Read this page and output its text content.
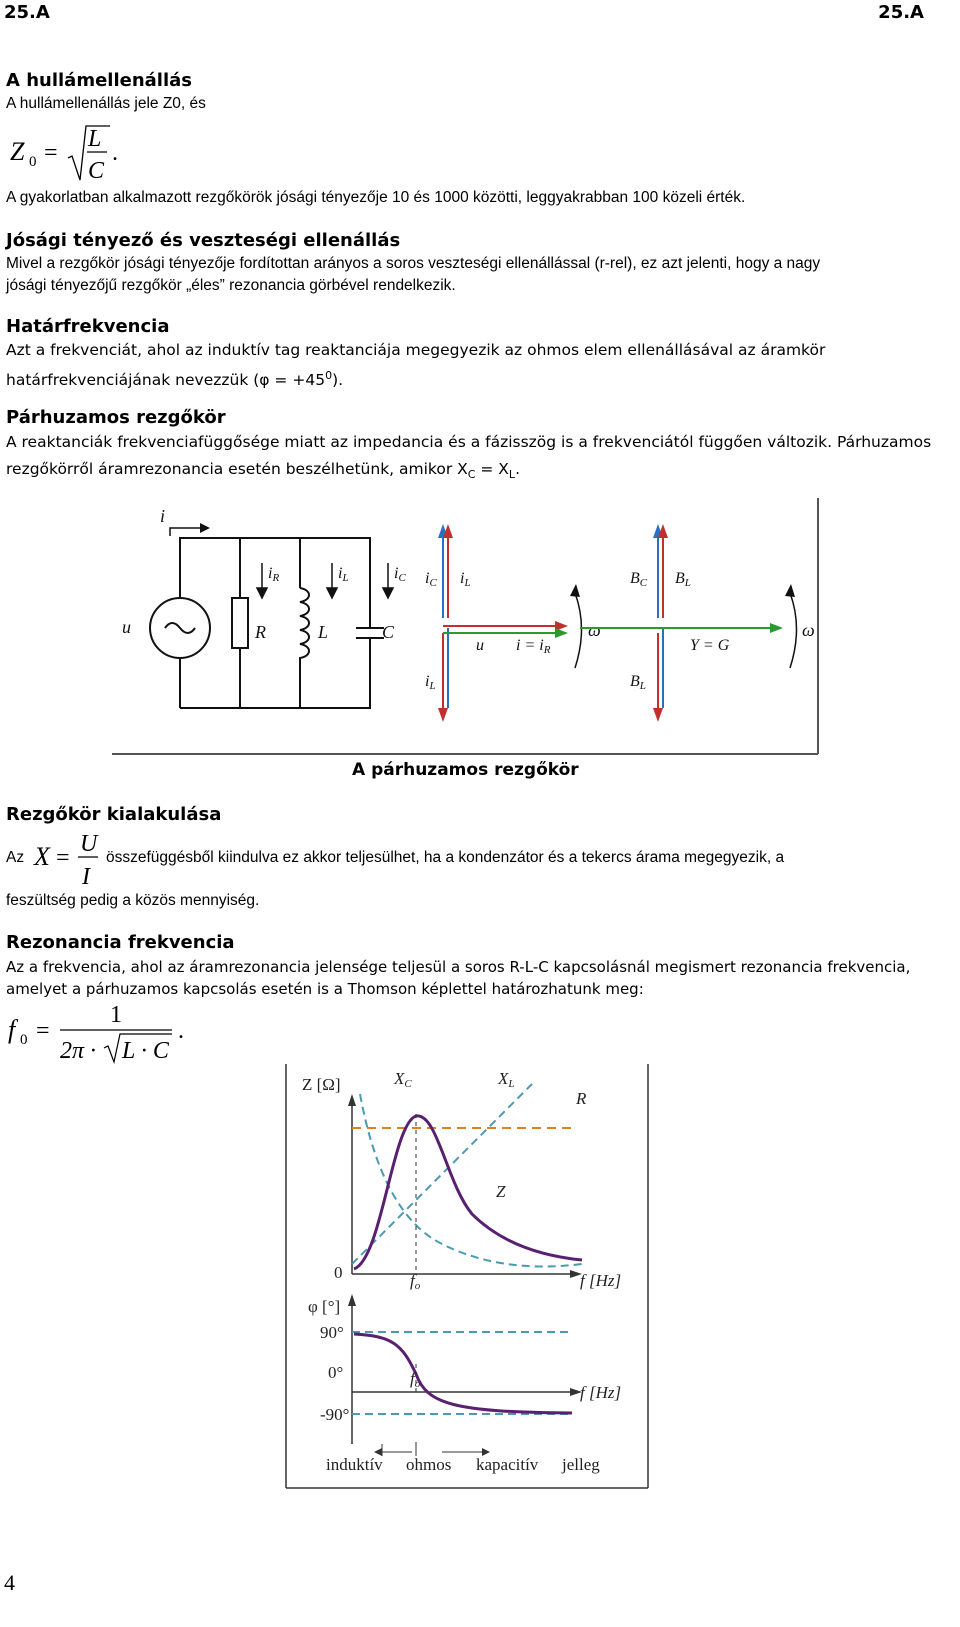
25.A	25.A
A hullámellenállás
A hullámellenállás jele Z0, és
Z 0 =
L
C
.
A gyakorlatban alkalmazott rezgőkörök jósági tényezője 10 és 1000 közötti, leggyakrabban 100 közeli érték.
Jósági tényező és veszteségi ellenállás
Mivel a rezgőkör jósági tényezője fordítottan arányos a soros veszteségi ellenállással (r-rel), ez azt jelenti, hogy a nagy
jósági tényezőjű rezgőkör „éles” rezonancia görbével rendelkezik.
Határfrekvencia
Azt a frekvenciát, ahol az induktív tag reaktanciája megegyezik az ohmos elem ellenállásával az áramkör
határfrekvenciájának nevezzük $(\varphi = +45^0)$.
Párhuzamos rezgőkör
A reaktanciák frekvenciafüggősége miatt az impedancia és a fázisszög is a frekvenciától függően változik. Párhuzamos
rezgőkörről áramrezonancia esetén beszélhetünk, amikor $X_C = X_L$.
i
u	R	L	C
iR	iL	iC iC iL
u i = iR
iL
ω
BC BL
Y = G
BL
ω
A párhuzamos rezgőkör
Rezgőkör kialakulása
Az X =
U
I
összefüggésből kiindulva ez akkor teljesülhet, ha a kondenzátor és a tekercs árama megegyezik, a
feszültség pedig a közös mennyiség.
Rezonancia frekvencia
Az a frekvencia, ahol az áramrezonancia jelensége teljesül a soros R-L-C kapcsolásnál megismert rezonancia frekvencia,
amelyet a párhuzamos kapcsolás esetén is a Thomson képlettel határozhatunk meg:
f 0 =
1
2π · L · C
.
Z [Ω]	XC	XL
R
Z
0	fo	f [Hz]
φ [°]
90°
0°
-90°
fo	f [Hz]
induktív ohmos kapacitív jelleg
4
